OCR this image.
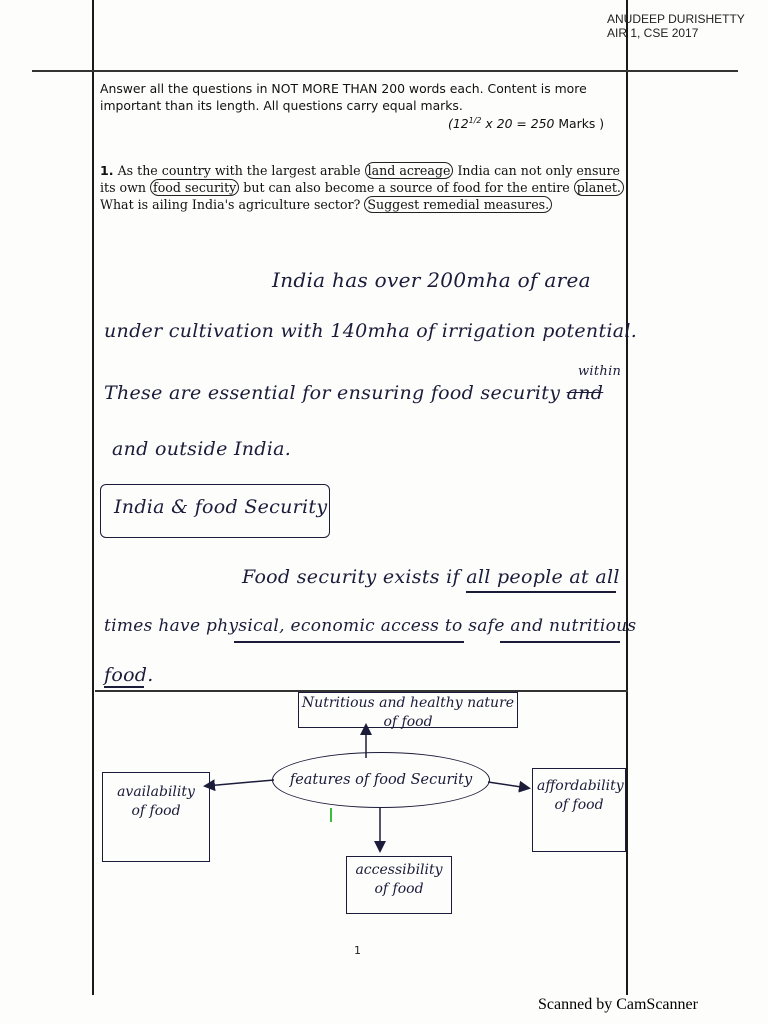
ANUDEEP DURISHETTY
AIR 1, CSE 2017
Answer all the questions in NOT MORE THAN 200 words each. Content is more important than its length. All questions carry equal marks.
($12^{1/2}$ x 20 = 250 Marks )
1. As the country with the largest arable land acreage India can not only ensure its own food security but can also become a source of food for the entire planet. What is ailing India's agriculture sector? Suggest remedial measures.
India has over 200mha of area
under cultivation with 140mha of irrigation potential.
These are essential for ensuring food security and
within
and outside India.
India & food Security
Food security exists if all people at all
times have physical, economic access to safe and nutritious
food.
Nutritious and healthy nature of food
features of food Security
availability of food
affordability of food
accessibility of food
1
Scanned by CamScanner
